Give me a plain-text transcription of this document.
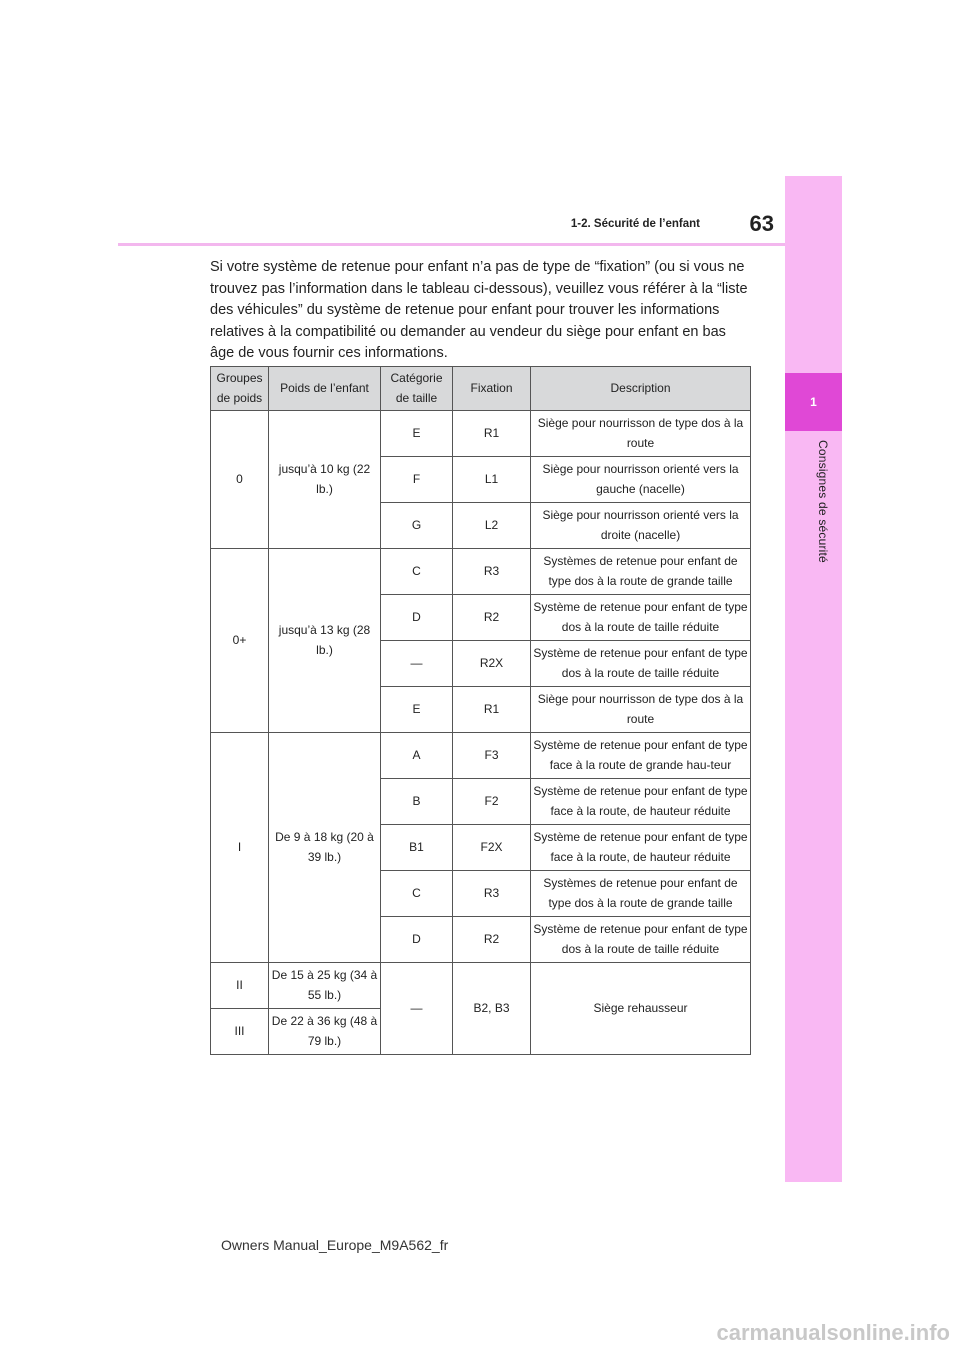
1
Consignes de sécurité
63
1-2. Sécurité de l’enfant
Si votre système de retenue pour enfant n’a pas de type de “fixation” (ou si vous ne trouvez pas l’information dans le tableau ci-dessous), veuillez vous référer à la “liste des véhicules” du système de retenue pour enfant pour trouver les informations relatives à la compatibilité ou demander au vendeur du siège pour enfant en bas âge de vous fournir ces informations.
Groupes de poids	Poids de l’enfant	Catégorie de taille	Fixation	Description
0	jusqu’à 10 kg (22 lb.)	E	R1	Siège pour nourrisson de type dos à la route
		F	L1	Siège pour nourrisson orienté vers la gauche (nacelle)
		G	L2	Siège pour nourrisson orienté vers la droite (nacelle)
0+	jusqu’à 13 kg (28 lb.)	C	R3	Systèmes de retenue pour enfant de type dos à la route de grande taille
		D	R2	Système de retenue pour enfant de type dos à la route de taille réduite
		—	R2X	Système de retenue pour enfant de type dos à la route de taille réduite
		E	R1	Siège pour nourrisson de type dos à la route
I	De 9 à 18 kg (20 à 39 lb.)	A	F3	Système de retenue pour enfant de type face à la route de grande hau-teur
		B	F2	Système de retenue pour enfant de type face à la route, de hauteur réduite
		B1	F2X	Système de retenue pour enfant de type face à la route, de hauteur réduite
		C	R3	Systèmes de retenue pour enfant de type dos à la route de grande taille
		D	R2	Système de retenue pour enfant de type dos à la route de taille réduite
II	De 15 à 25 kg (34 à 55 lb.)	—	B2, B3	Siège rehausseur
III	De 22 à 36 kg (48 à 79 lb.)			
Owners Manual_Europe_M9A562_fr
carmanualsonline.info
